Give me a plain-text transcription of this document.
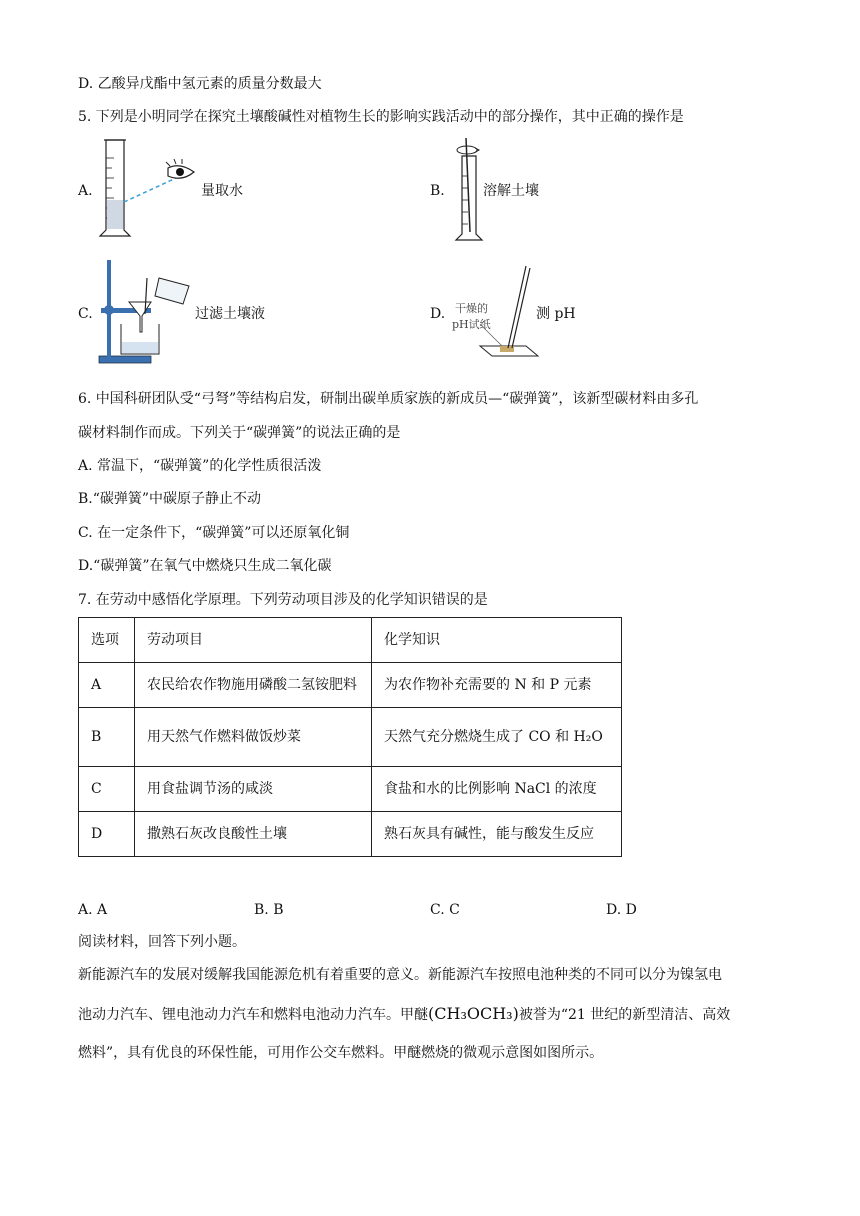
D. 乙酸异戊酯中氢元素的质量分数最大
5. 下列是小明同学在探究土壤酸碱性对植物生长的影响实践活动中的部分操作，其中正确的操作是
A.	量取水	B.	溶解土壤
C.	过滤土壤液	D. 干燥的
pH试纸
测 pH
6. 中国科研团队受“弓弩”等结构启发，研制出碳单质家族的新成员—“碳弹簧”，该新型碳材料由多孔
碳材料制作而成。下列关于“碳弹簧”的说法正确的是
A. 常温下，“碳弹簧”的化学性质很活泼
B.“碳弹簧”中碳原子静止不动
C. 在一定条件下，“碳弹簧”可以还原氧化铜
D.“碳弹簧”在氧气中燃烧只生成二氧化碳
7. 在劳动中感悟化学原理。下列劳动项目涉及的化学知识错误的是
选项	劳动项目	化学知识
A	农民给农作物施用磷酸二氢铵肥料	为农作物补充需要的 N 和 P 元素
B	用天然气作燃料做饭炒菜	天然气充分燃烧生成了 CO 和 H₂O
C	用食盐调节汤的咸淡	食盐和水的比例影响 NaCl 的浓度
D	撒熟石灰改良酸性土壤	熟石灰具有碱性，能与酸发生反应
A. A	B. B	C. C	D. D
阅读材料，回答下列小题。
新能源汽车的发展对缓解我国能源危机有着重要的意义。新能源汽车按照电池种类的不同可以分为镍氢电
池动力汽车、锂电池动力汽车和燃料电池动力汽车。甲醚(CH₃OCH₃)被誉为“21 世纪的新型清洁、高效
燃料”，具有优良的环保性能，可用作公交车燃料。甲醚燃烧的微观示意图如图所示。
